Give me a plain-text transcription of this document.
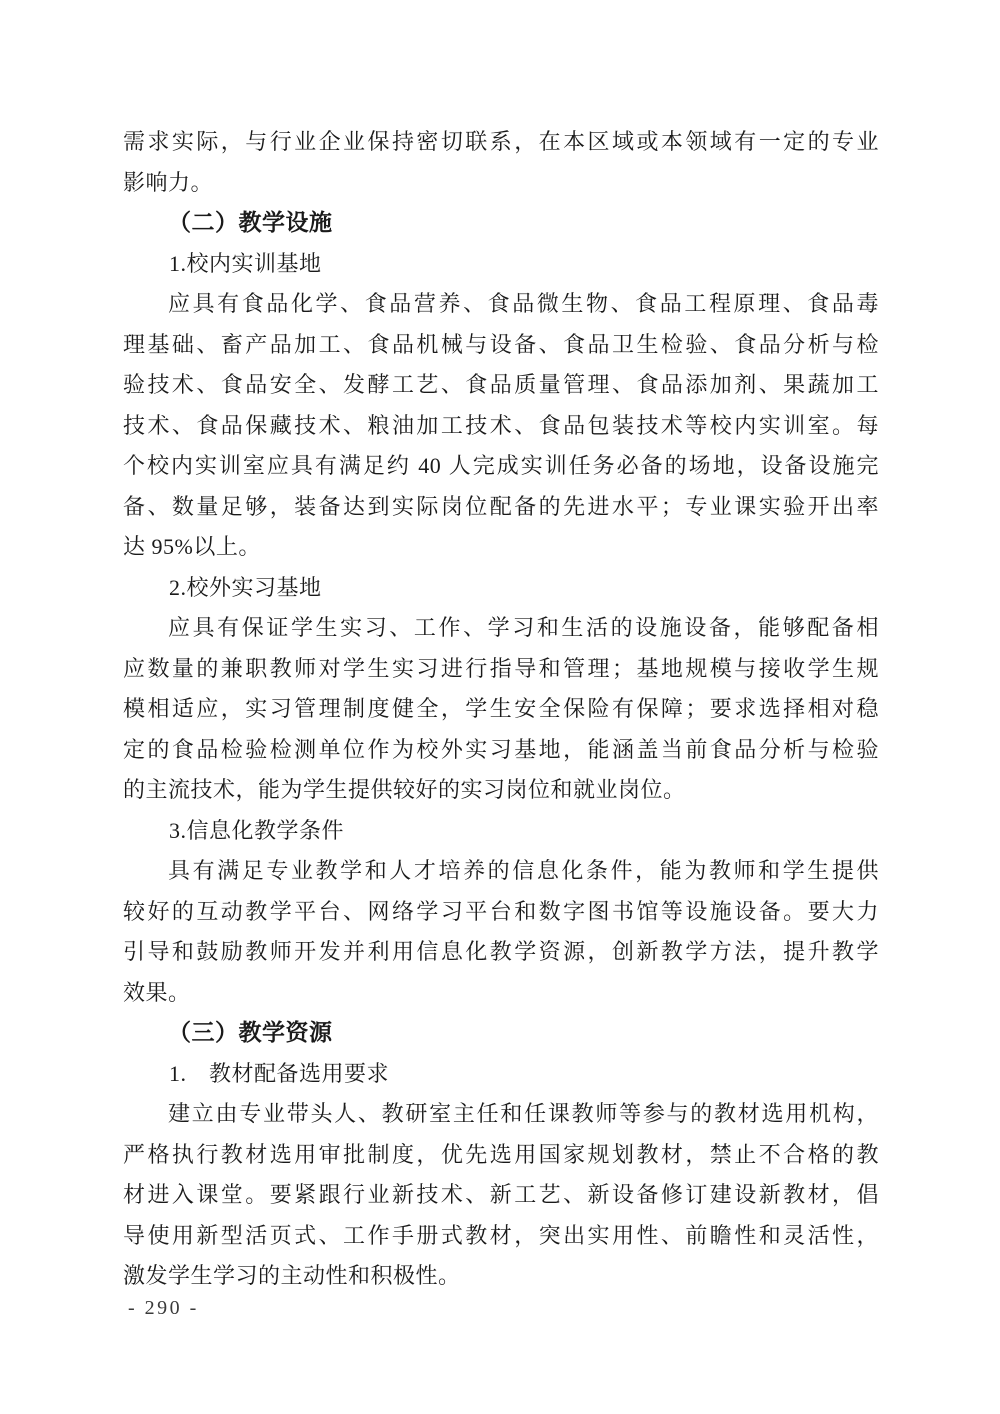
需求实际，与行业企业保持密切联系，在本区域或本领域有一定的专业
影响力。
（二）教学设施
1.校内实训基地
应具有食品化学、食品营养、食品微生物、食品工程原理、食品毒
理基础、畜产品加工、食品机械与设备、食品卫生检验、食品分析与检
验技术、食品安全、发酵工艺、食品质量管理、食品添加剂、果蔬加工
技术、食品保藏技术、粮油加工技术、食品包装技术等校内实训室。每
个校内实训室应具有满足约 40 人完成实训任务必备的场地，设备设施完
备、数量足够，装备达到实际岗位配备的先进水平；专业课实验开出率
达 95%以上。
2.校外实习基地
应具有保证学生实习、工作、学习和生活的设施设备，能够配备相
应数量的兼职教师对学生实习进行指导和管理；基地规模与接收学生规
模相适应，实习管理制度健全，学生安全保险有保障；要求选择相对稳
定的食品检验检测单位作为校外实习基地，能涵盖当前食品分析与检验
的主流技术，能为学生提供较好的实习岗位和就业岗位。
3.信息化教学条件
具有满足专业教学和人才培养的信息化条件，能为教师和学生提供
较好的互动教学平台、网络学习平台和数字图书馆等设施设备。要大力
引导和鼓励教师开发并利用信息化教学资源，创新教学方法，提升教学
效果。
（三）教学资源
1. 教材配备选用要求
建立由专业带头人、教研室主任和任课教师等参与的教材选用机构，
严格执行教材选用审批制度，优先选用国家规划教材，禁止不合格的教
材进入课堂。要紧跟行业新技术、新工艺、新设备修订建设新教材，倡
导使用新型活页式、工作手册式教材，突出实用性、前瞻性和灵活性，
激发学生学习的主动性和积极性。
- 290 -
